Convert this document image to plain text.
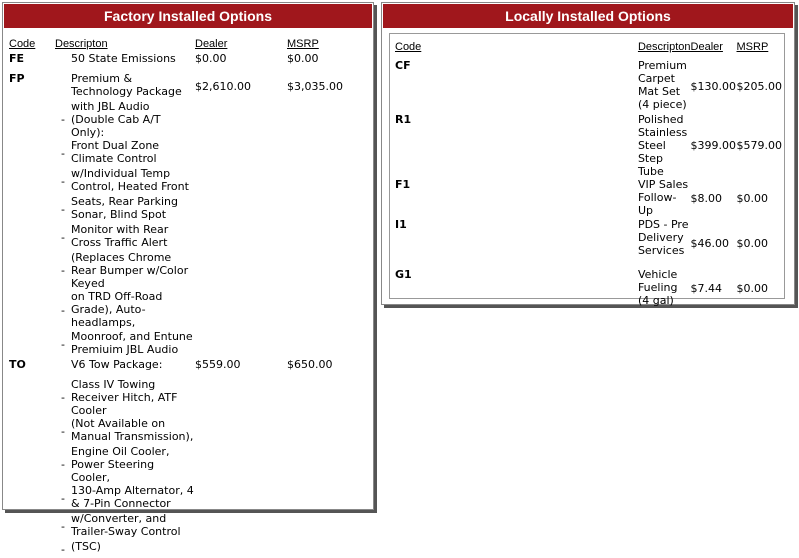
Factory Installed Options
Code	Descripton		Dealer	MSRP
FE		50 State Emissions	$0.00	$0.00
FP		Premium & Technology Package	$2,610.00	$3,035.00
	-	with JBL Audio (Double Cab A/T Only):		
	-	Front Dual Zone Climate Control		
	-	w/Individual Temp Control, Heated Front		
	-	Seats, Rear Parking Sonar, Blind Spot		
	-	Monitor with Rear Cross Traffic Alert		
	-	(Replaces Chrome Rear Bumper w/Color Keyed		
	-	on TRD Off-Road Grade), Auto-headlamps,		
	-	Moonroof, and Entune Premiuim JBL Audio		
TO		V6 Tow Package:	$559.00	$650.00
	-	Class IV Towing Receiver Hitch, ATF Cooler		
	-	(Not Available on Manual Transmission),		
	-	Engine Oil Cooler, Power Steering Cooler,		
	-	130-Amp Alternator, 4 & 7-Pin Connector		
	-	w/Converter, and Trailer-Sway Control		
	-	(TSC)		
Locally Installed Options
Code	Descripton	Dealer	MSRP
CF	Premium Carpet Mat Set (4 piece)	$130.00	$205.00
R1	Polished Stainless Steel Step Tube	$399.00	$579.00
F1	VIP Sales Follow-Up	$8.00	$0.00
I1	PDS - Pre Delivery Services	$46.00	$0.00
G1	Vehicle Fueling (4 gal)	$7.44	$0.00
